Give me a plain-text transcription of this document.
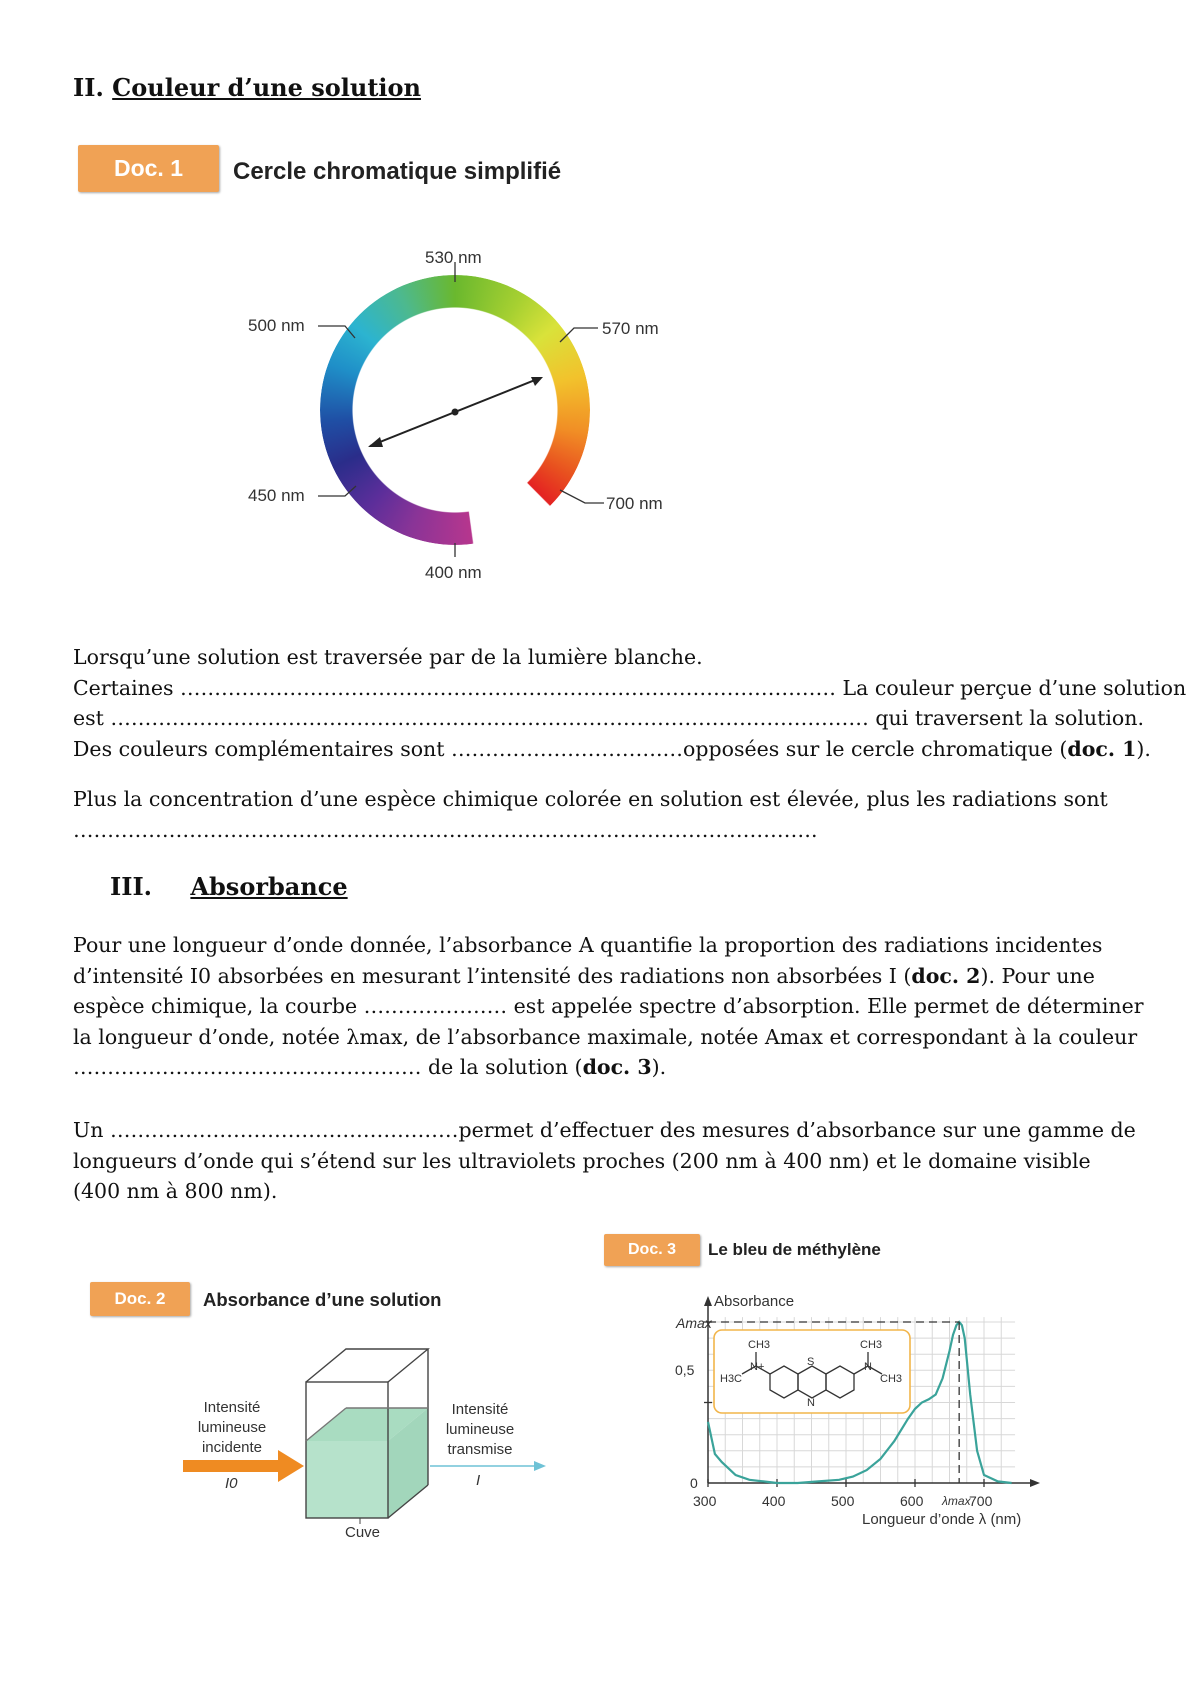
II. Couleur d’une solution
Doc. 1	Cercle chromatique simplifié
530 nm
500 nm	570 nm
450 nm	700 nm
400 nm
Lorsqu’une solution est traversée par de la lumière blanche.
Certaines …………………………………………………………………………………… La couleur perçue d’une solution
est ………………………………………………………………………………………………… qui traversent la solution.
Des couleurs complémentaires sont ………………………….…opposées sur le cercle chromatique (doc. 1).
Plus la concentration d’une espèce chimique colorée en solution est élevée, plus les radiations sont
……………………………………………………………………………………………….
III. Absorbance
Pour une longueur d’onde donnée, l’absorbance A quantifie la proportion des radiations incidentes
d’intensité I0 absorbées en mesurant l’intensité des radiations non absorbées I (doc. 2). Pour une
espèce chimique, la courbe ………………… est appelée spectre d’absorption. Elle permet de déterminer
la longueur d’onde, notée λmax, de l’absorbance maximale, notée Amax et correspondant à la couleur
…………………………………………… de la solution (doc. 3).
Un ……………………………………………permet d’effectuer des mesures d’absorbance sur une gamme de
longueurs d’onde qui s’étend sur les ultraviolets proches (200 nm à 400 nm) et le domaine visible
(400 nm à 800 nm).
Doc. 2	Absorbance d’une solution
Intensité
lumineuse
incidente
I0
Intensité
lumineuse
transmise
I
Cuve
Doc. 3	Le bleu de méthylène
Absorbance
Longueur d’onde λ (nm)
Amax
0,5
0
300	400	500	600	700
λmax
CH3	CH3
H3C
N+	S
N
N
CH3
